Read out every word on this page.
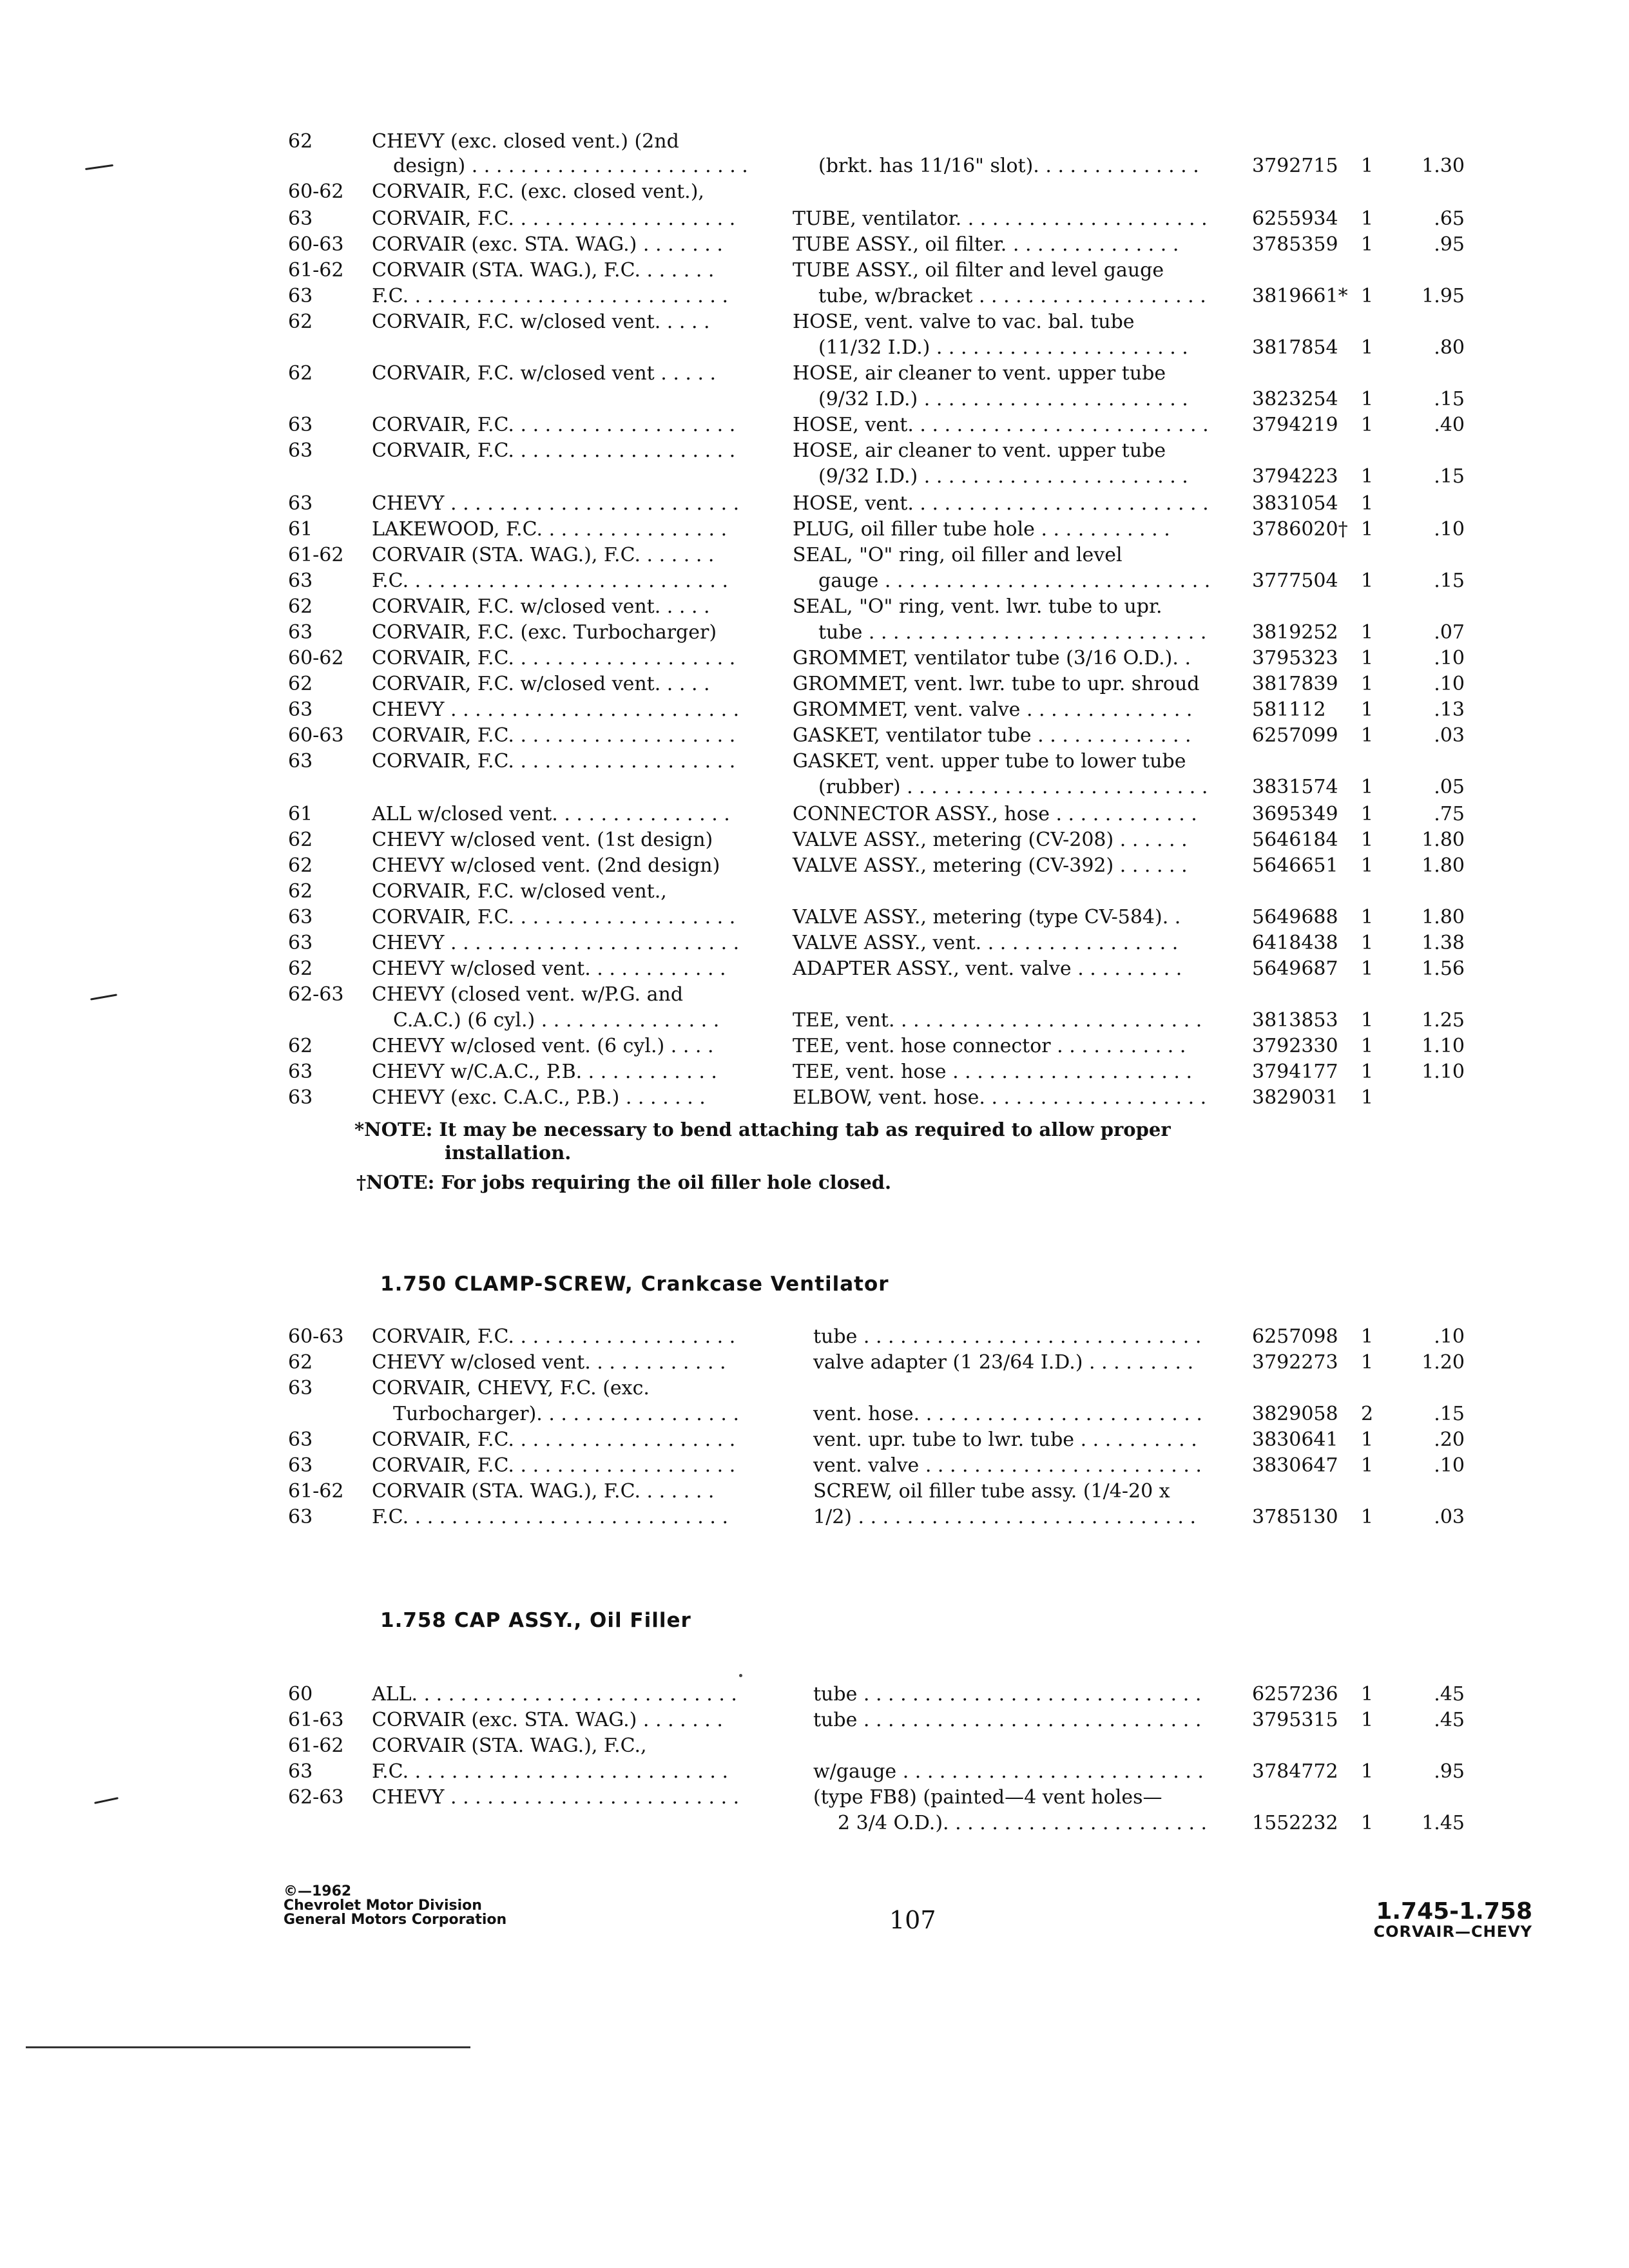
62	CHEVY (exc. closed vent.) (2nd
design) . . . . . . . . . . . . . . . . . . . . . . .	(brkt. has 11/16" slot). . . . . . . . . . . . . .	3792715 1	1.30
60-62 CORVAIR, F.C. (exc. closed vent.),
63	CORVAIR, F.C. . . . . . . . . . . . . . . . . . .	TUBE, ventilator. . . . . . . . . . . . . . . . . . . . . 6255934 1	.65
60-63 CORVAIR (exc. STA. WAG.) . . . . . . .	TUBE ASSY., oil filter. . . . . . . . . . . . . . .	3785359 1	.95
61-62 CORVAIR (STA. WAG.), F.C. . . . . . .	TUBE ASSY., oil filter and level gauge
63	F.C. . . . . . . . . . . . . . . . . . . . . . . . . . .	tube, w/bracket . . . . . . . . . . . . . . . . . . . 3819661* 1	1.95
62	CORVAIR, F.C. w/closed vent. . . . .	HOSE, vent. valve to vac. bal. tube
(11/32 I.D.) . . . . . . . . . . . . . . . . . . . . .	3817854 1	.80
62	CORVAIR, F.C. w/closed vent . . . . .	HOSE, air cleaner to vent. upper tube
(9/32 I.D.) . . . . . . . . . . . . . . . . . . . . . .	3823254 1	.15
63	CORVAIR, F.C. . . . . . . . . . . . . . . . . . .	HOSE, vent. . . . . . . . . . . . . . . . . . . . . . . . . 3794219 1	.40
63	CORVAIR, F.C. . . . . . . . . . . . . . . . . . .	HOSE, air cleaner to vent. upper tube
(9/32 I.D.) . . . . . . . . . . . . . . . . . . . . . .	3794223 1	.15
63	CHEVY . . . . . . . . . . . . . . . . . . . . . . . .	HOSE, vent. . . . . . . . . . . . . . . . . . . . . . . . . 3831054 1
61	LAKEWOOD, F.C. . . . . . . . . . . . . . . .	PLUG, oil filler tube hole . . . . . . . . . . .	3786020† 1	.10
61-62 CORVAIR (STA. WAG.), F.C. . . . . . .	SEAL, "O" ring, oil filler and level
63	F.C. . . . . . . . . . . . . . . . . . . . . . . . . . .	gauge . . . . . . . . . . . . . . . . . . . . . . . . . . . 3777504 1	.15
62	CORVAIR, F.C. w/closed vent. . . . .	SEAL, "O" ring, vent. lwr. tube to upr.
63	CORVAIR, F.C. (exc. Turbocharger)	tube . . . . . . . . . . . . . . . . . . . . . . . . . . . . 3819252 1	.07
60-62 CORVAIR, F.C. . . . . . . . . . . . . . . . . . .	GROMMET, ventilator tube (3/16 O.D.). .	3795323 1	.10
62	CORVAIR, F.C. w/closed vent. . . . .	GROMMET, vent. lwr. tube to upr. shroud	3817839 1	.10
63	CHEVY . . . . . . . . . . . . . . . . . . . . . . . .	GROMMET, vent. valve . . . . . . . . . . . . . .	581112 1	.13
60-63 CORVAIR, F.C. . . . . . . . . . . . . . . . . . .	GASKET, ventilator tube . . . . . . . . . . . . .	6257099 1	.03
63	CORVAIR, F.C. . . . . . . . . . . . . . . . . . .	GASKET, vent. upper tube to lower tube
(rubber) . . . . . . . . . . . . . . . . . . . . . . . . . 3831574 1	.05
61	ALL w/closed vent. . . . . . . . . . . . . . .	CONNECTOR ASSY., hose . . . . . . . . . . . .	3695349 1	.75
62	CHEVY w/closed vent. (1st design)	VALVE ASSY., metering (CV-208) . . . . . .	5646184 1	1.80
62	CHEVY w/closed vent. (2nd design)	VALVE ASSY., metering (CV-392) . . . . . .	5646651 1	1.80
62	CORVAIR, F.C. w/closed vent.,
63	CORVAIR, F.C. . . . . . . . . . . . . . . . . . .	VALVE ASSY., metering (type CV-584). .	5649688 1	1.80
63	CHEVY . . . . . . . . . . . . . . . . . . . . . . . .	VALVE ASSY., vent. . . . . . . . . . . . . . . . .	6418438 1	1.38
62	CHEVY w/closed vent. . . . . . . . . . . .	ADAPTER ASSY., vent. valve . . . . . . . . .	5649687 1	1.56
62-63 CHEVY (closed vent. w/P.G. and
C.A.C.) (6 cyl.) . . . . . . . . . . . . . . .	TEE, vent. . . . . . . . . . . . . . . . . . . . . . . . . .	3813853 1	1.25
62	CHEVY w/closed vent. (6 cyl.) . . . .	TEE, vent. hose connector . . . . . . . . . . .	3792330 1	1.10
63	CHEVY w/C.A.C., P.B. . . . . . . . . . . .	TEE, vent. hose . . . . . . . . . . . . . . . . . . . .	3794177 1	1.10
63	CHEVY (exc. C.A.C., P.B.) . . . . . . .	ELBOW, vent. hose. . . . . . . . . . . . . . . . . . . 3829031 1
*NOTE: It may be necessary to bend attaching tab as required to allow proper
installation.
†NOTE: For jobs requiring the oil filler hole closed.
1.750 CLAMP-SCREW, Crankcase Ventilator
60-63 CORVAIR, F.C. . . . . . . . . . . . . . . . . . .	tube . . . . . . . . . . . . . . . . . . . . . . . . . . . .	6257098 1	.10
62	CHEVY w/closed vent. . . . . . . . . . . .	valve adapter (1 23/64 I.D.) . . . . . . . . .	3792273 1	1.20
63	CORVAIR, CHEVY, F.C. (exc.
Turbocharger). . . . . . . . . . . . . . . . .	vent. hose. . . . . . . . . . . . . . . . . . . . . . . .	3829058 2	.15
63	CORVAIR, F.C. . . . . . . . . . . . . . . . . . .	vent. upr. tube to lwr. tube . . . . . . . . . .	3830641 1	.20
63	CORVAIR, F.C. . . . . . . . . . . . . . . . . . .	vent. valve . . . . . . . . . . . . . . . . . . . . . . .	3830647 1	.10
61-62 CORVAIR (STA. WAG.), F.C. . . . . . .	SCREW, oil filler tube assy. (1/4-20 x
63	F.C. . . . . . . . . . . . . . . . . . . . . . . . . . .	1/2) . . . . . . . . . . . . . . . . . . . . . . . . . . . .	3785130 1	.03
1.758 CAP ASSY., Oil Filler
60	ALL. . . . . . . . . . . . . . . . . . . . . . . . . . .	tube . . . . . . . . . . . . . . . . . . . . . . . . . . . .	6257236 1	.45
61-63 CORVAIR (exc. STA. WAG.) . . . . . . .	tube . . . . . . . . . . . . . . . . . . . . . . . . . . . .	3795315 1	.45
61-62 CORVAIR (STA. WAG.), F.C.,
63	F.C. . . . . . . . . . . . . . . . . . . . . . . . . . .	w/gauge . . . . . . . . . . . . . . . . . . . . . . . . .	3784772 1	.95
62-63 CHEVY . . . . . . . . . . . . . . . . . . . . . . . .	(type FB8) (painted—4 vent holes—
2 3/4 O.D.). . . . . . . . . . . . . . . . . . . . . . 1552232 1	1.45
©—1962
Chevrolet Motor Division
General Motors Corporation	107	1.745-1.758
CORVAIR—CHEVY
